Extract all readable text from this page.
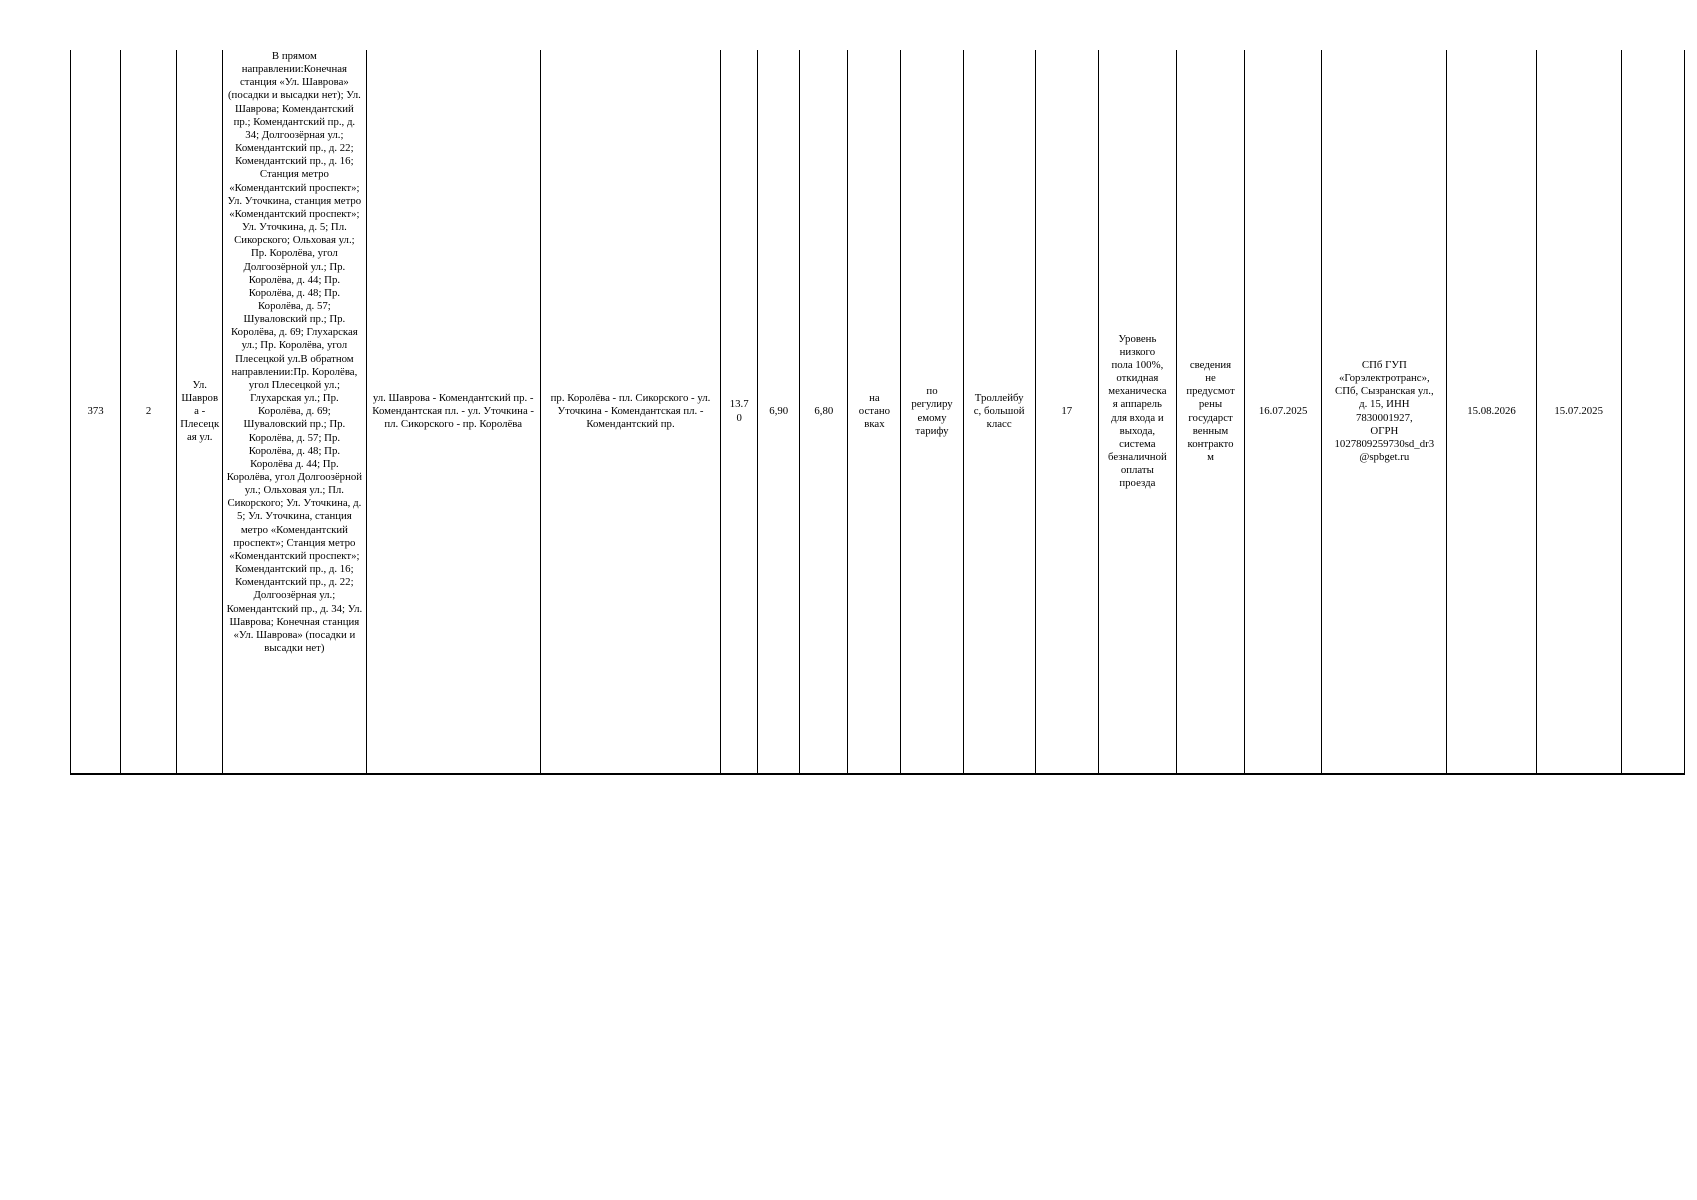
373	2	Ул. Шаврова - Плесецкая ул.	В прямом направлении:Конечная станция «Ул. Шаврова» (посадки и высадки нет); Ул. Шаврова; Комендантский пр.; Комендантский пр., д. 34; Долгоозёрная ул.; Комендантский пр., д. 22; Комендантский пр., д. 16; Станция метро «Комендантский проспект»; Ул. Уточкина, станция метро «Комендантский проспект»; Ул. Уточкина, д. 5; Пл. Сикорского; Ольховая ул.; Пр. Королёва, угол Долгоозёрной ул.; Пр. Королёва, д. 44; Пр. Королёва, д. 48; Пр. Королёва, д. 57; Шуваловский пр.; Пр. Королёва, д. 69; Глухарская ул.; Пр. Королёва, угол Плесецкой ул.В обратном направлении:Пр. Королёва, угол Плесецкой ул.; Глухарская ул.; Пр. Королёва, д. 69; Шуваловский пр.; Пр. Королёва, д. 57; Пр. Королёва, д. 48; Пр. Королёва д. 44; Пр. Королёва, угол Долгоозёрной ул.; Ольховая ул.; Пл. Сикорского; Ул. Уточкина, д. 5; Ул. Уточкина, станция метро «Комендантский проспект»; Станция метро «Комендантский проспект»; Комендантский пр., д. 16; Комендантский пр., д. 22; Долгоозёрная ул.; Комендантский пр., д. 34; Ул. Шаврова; Конечная станция «Ул. Шаврова» (посадки и высадки нет)	ул. Шаврова - Комендантский пр. - Комендантская пл. - ул. Уточкина - пл. Сикорского - пр. Королёва	пр. Королёва - пл. Сикорского - ул. Уточкина - Комендантская пл. - Комендантский пр.	13.7
0	6,90	6,80	на
остано
вках	по
регулиру
емому
тарифу	Троллейбу
с, большой
класс	17	Уровень
низкого
пола 100%,
откидная
механическа
я аппарель
для входа и
выхода,
система
безналичной
оплаты
проезда	сведения
не
предусмот
рены
государст
венным
контракто
м	16.07.2025	СПб ГУП
«Горэлектротранс»,
СПб, Сызранская ул.,
д. 15, ИНН
7830001927,
ОГРН
1027809259730sd_dr3
@spbget.ru	15.08.2026	15.07.2025	
